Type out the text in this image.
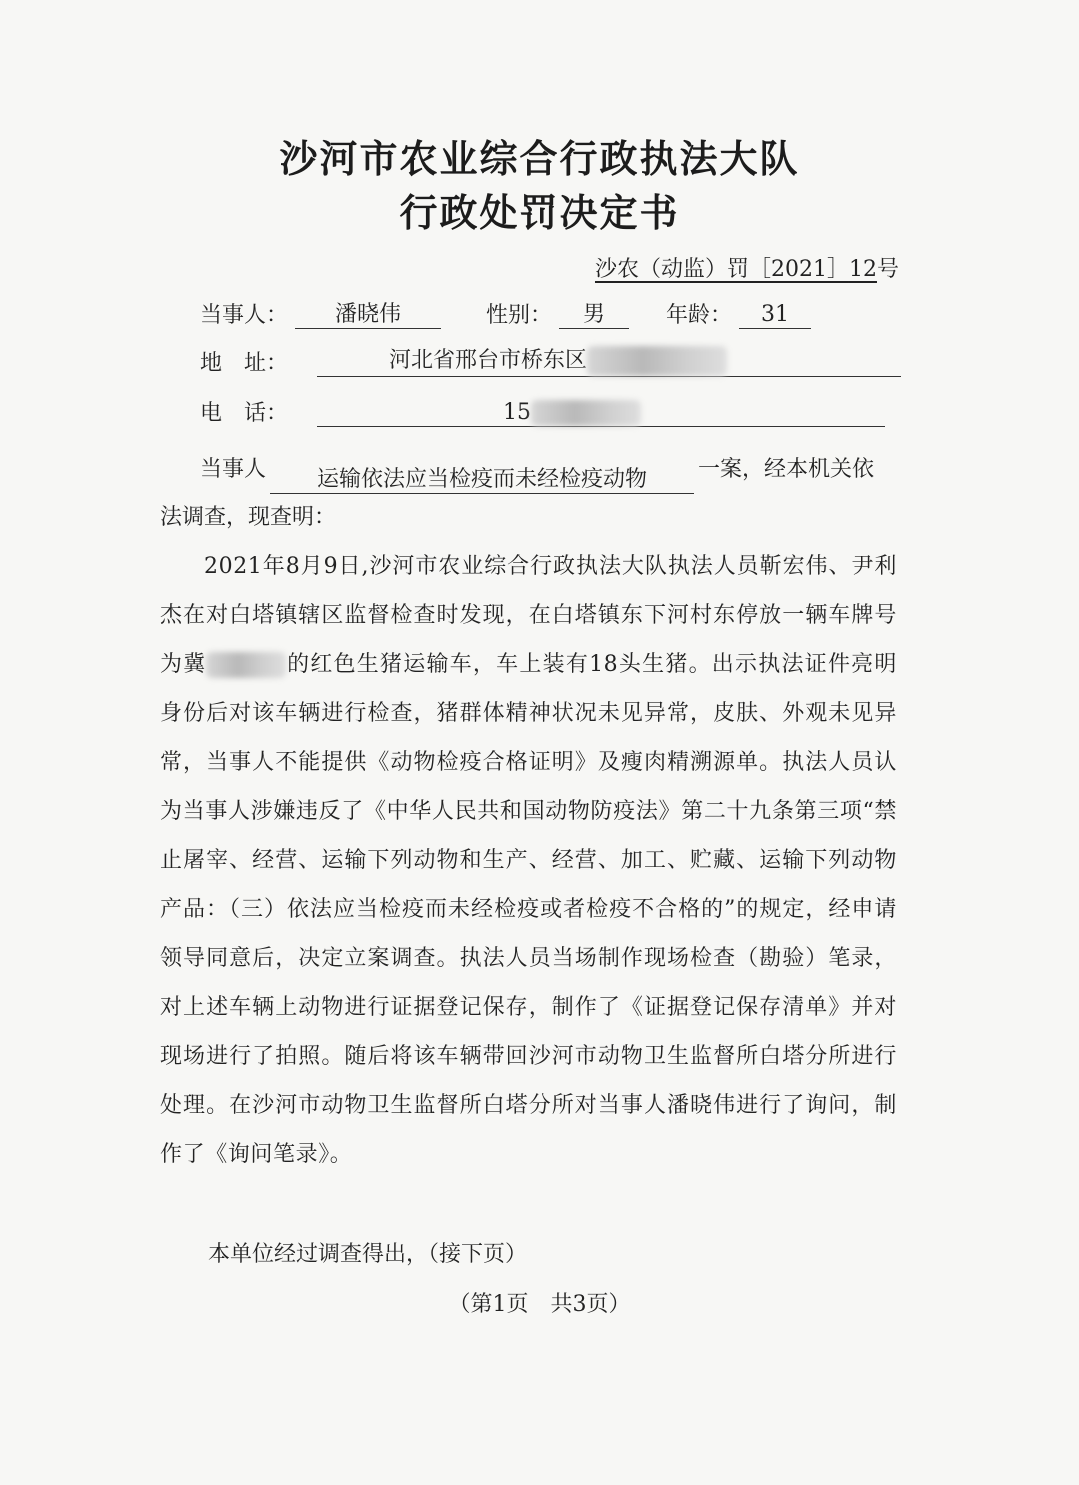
沙河市农业综合行政执法大队
行政处罚决定书
沙农（动监）罚［2021］12号
当事人： 潘晓伟	性别： 男	年龄： 31
地　址：	河北省邢台市桥东区
电　话：	15
当事人 运输依法应当检疫而未经检疫动物 一案，经本机关依
法调查，现查明：
2021年8月9日,沙河市农业综合行政执法大队执法人员靳宏伟、尹利杰在对白塔镇辖区监督检查时发现，在白塔镇东下河村东停放一辆车牌号为冀	的红色生猪运输车，车上装有18头生猪。出示执法证件亮明身份后对该车辆进行检查，猪群体精神状况未见异常，皮肤、外观未见异常，当事人不能提供《动物检疫合格证明》及瘦肉精溯源单。执法人员认为当事人涉嫌违反了《中华人民共和国动物防疫法》第二十九条第三项“禁止屠宰、经营、运输下列动物和生产、经营、加工、贮藏、运输下列动物产品：（三）依法应当检疫而未经检疫或者检疫不合格的”的规定，经申请领导同意后，决定立案调查。执法人员当场制作现场检查（勘验）笔录，对上述车辆上动物进行证据登记保存，制作了《证据登记保存清单》并对现场进行了拍照。随后将该车辆带回沙河市动物卫生监督所白塔分所进行处理。在沙河市动物卫生监督所白塔分所对当事人潘晓伟进行了询问，制作了《询问笔录》。
本单位经过调查得出，（接下页）
（第1页　共3页）
